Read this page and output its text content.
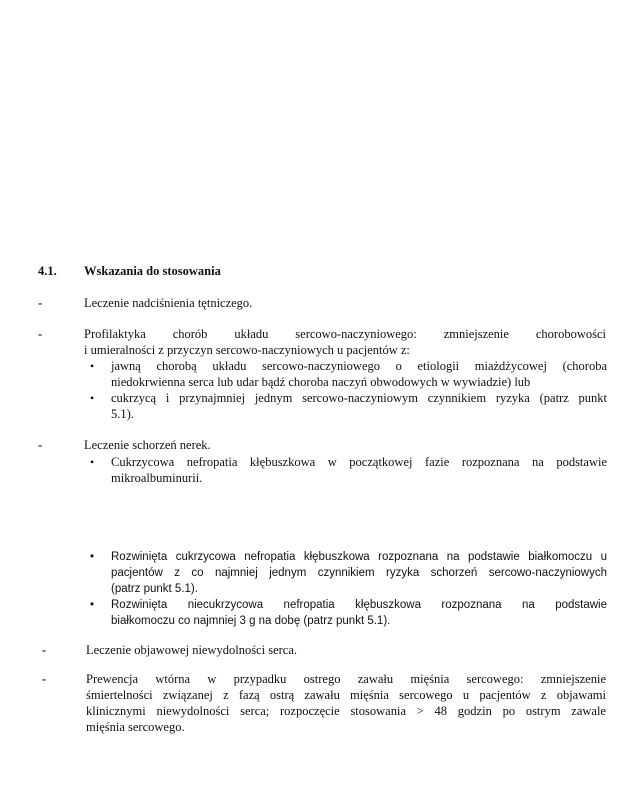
4.1. Wskazania do stosowania
-	Leczenie nadciśnienia tętniczego.
-	Profilaktyka chorób układu sercowo-naczyniowego: zmniejszenie chorobowości
i umieralności z przyczyn sercowo-naczyniowych u pacjentów z:
• jawną chorobą układu sercowo-naczyniowego o etiologii miażdżycowej (choroba
niedokrwienna serca lub udar bądź choroba naczyń obwodowych w wywiadzie) lub
• cukrzycą i przynajmniej jednym sercowo-naczyniowym czynnikiem ryzyka (patrz punkt
5.1).
-	Leczenie schorzeń nerek.
• Cukrzycowa nefropatia kłębuszkowa w początkowej fazie rozpoznana na podstawie
mikroalbuminurii.
• Rozwinięta cukrzycowa nefropatia kłębuszkowa rozpoznana na podstawie białkomoczu u
pacjentów z co najmniej jednym czynnikiem ryzyka schorzeń sercowo-naczyniowych
(patrz punkt 5.1).
• Rozwinięta niecukrzycowa nefropatia kłębuszkowa rozpoznana na podstawie
białkomoczu co najmniej 3 g na dobę (patrz punkt 5.1).
-	Leczenie objawowej niewydolności serca.
-	Prewencja wtórna w przypadku ostrego zawału mięśnia sercowego: zmniejszenie
śmiertelności związanej z fazą ostrą zawału mięśnia sercowego u pacjentów z objawami
klinicznymi niewydolności serca; rozpoczęcie stosowania > 48 godzin po ostrym zawale
mięśnia sercowego.
